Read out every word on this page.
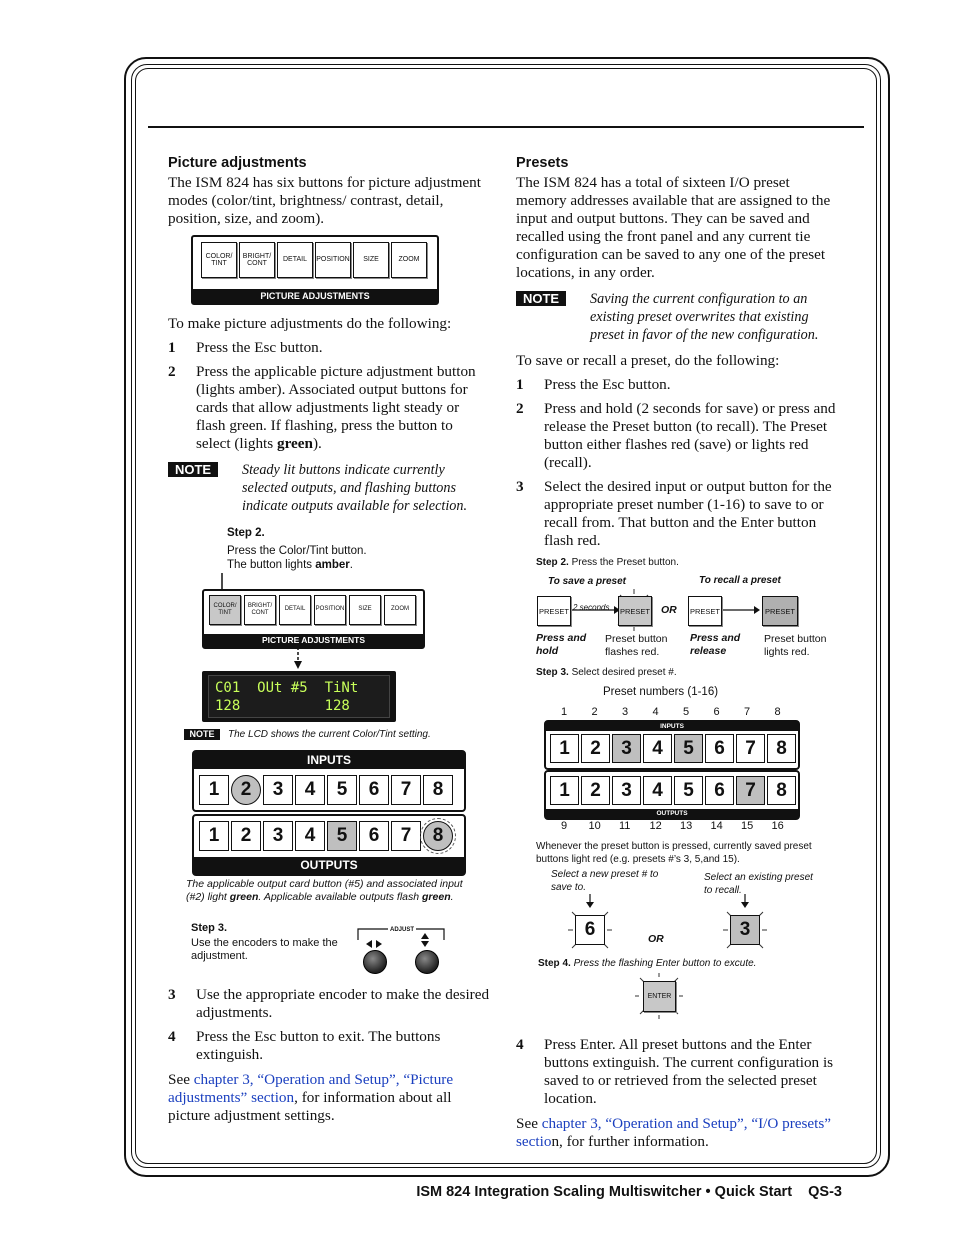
Picture adjustments

The ISM 824 has six buttons for picture adjustment modes (color/tint, brightness/ contrast, detail, position, size, and zoom).

COLOR/ TINT
BRIGHT/ CONT
DETAIL	POSITION	SIZE	ZOOM
PICTURE ADJUSTMENTS

To make picture adjustments do the following:

1 Press the Esc button.
2 Press the applicable picture adjustment button (lights amber). Associated output buttons for cards that allow adjustments light steady or flash green. If flashing, press the button to select (lights green).
NOTE	Steady lit buttons indicate currently selected outputs, and flashing buttons indicate outputs available for selection.
Step 2.
Press the Color/Tint button.
The button lights amber.
COLOR/ TINT
BRIGHT/ CONT
DETAIL	POSITION	SIZE	ZOOM
PICTURE ADJUSTMENTS
C01  OUt #5  TiNt
128          128
NOTE	The LCD shows the current Color/Tint setting.
INPUTS
1	2	3	4	5	6	7	8
1	2	3	4	5	6	7	8
OUTPUTS
The applicable output card button (#5) and associated input (#2) light green. Applicable available outputs flash green.
Step 3.
Use the encoders to make the adjustment.
ADJUST
3 Use the appropriate encoder to make the desired adjustments.
4 Press the Esc button to exit. The buttons extinguish.

See chapter 3, “Operation and Setup”, “Picture adjustments” section, for information about all picture adjustment settings.

Presets

The ISM 824 has a total of sixteen I/O preset memory addresses available that are assigned to the input and output buttons. They can be saved and recalled using the front panel and any current tie configuration can be saved to any one of the preset locations, in any order.

NOTE	Saving the current configuration to an existing preset overwrites that existing preset in favor of the new configuration.

To save or recall a preset, do the following:

1 Press the Esc button.
2 Press and hold (2 seconds for save) or press and release the Preset button (to recall). The Preset button either flashes red (save) or lights red (recall).
3 Select the desired input or output button for the appropriate preset number (1-16) to save to or recall from. That button and the Enter button flash red.
Step 2. Press the Preset button.
To save a preset	To recall a preset
PRESET 2 seconds PRESET OR PRESET	PRESET
Press and hold
Preset button flashes red.
Press and release
Preset button lights red.
Step 3. Select desired preset #.
Preset numbers (1-16)
1 2 3 4 5 6 7 8
9 10 11 12 13 14 15 16
INPUTS
1	2	3	4	5	6	7	8
1	2	3	4	5	6	7	8
OUTPUTS
Whenever the preset button is pressed, currently saved preset buttons light red (e.g. presets #’s 3, 5,and 15).
Select a new preset # to save to.
Select an existing preset to recall.
6	OR	3
Step 4. Press the flashing Enter button to excute.
ENTER
4 Press Enter. All preset buttons and the Enter buttons extinguish. The current configuration is saved to or retrieved from the selected preset location.

See chapter 3, “Operation and Setup”, “I/O presets” section, for further information.

ISM 824 Integration Scaling Multiswitcher • Quick Start QS-3
